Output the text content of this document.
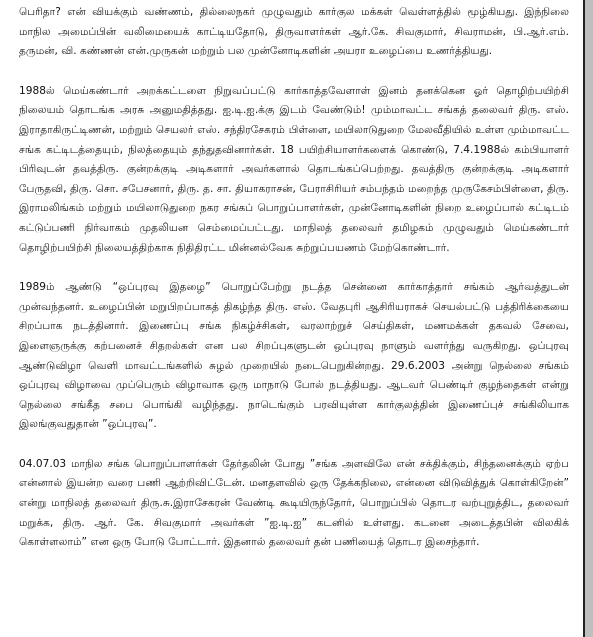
பெரிதா? என் வியக்கும் வண்ணம், தில்லைநகர் முழுவதும் கார்குல மக்கள் வெள்ளத்தில் மூழ்கியது. இந்நிலை மாநில அமைப்பின் வலிமையைக் காட்டியதோடு, திருவாளர்கள் ஆர்.கே. சிவகுமார், சிவராமன், பி.ஆர்.எம். தருமன், வி. கண்ணன் என்.முருகன் மற்றும் பல முன்னோடிகளின் அயரா உழைப்பை உணர்த்தியது.

1988ல் மெய்கண்டார் அறக்கட்டளை நிறுவப்பட்டு கார்காத்தவேளாள் இனம் தனக்கென ஓர் தொழிற்பயிற்சி நிலையம் தொடங்க அரசு அனுமதித்தது. ஐ.டி.ஐ.க்கு இடம் வேண்டும்! மும்மாவட்ட சங்கத் தலைவர் திரு. எஸ். இராதாகிருட்டிணன், மற்றும் செயலர் எஸ். சந்திரசேகரம் பிள்ளை, மயிலாடுதுறை மேலவீதியில் உள்ள மும்மாவட்ட சங்க கட்டிடத்தையும், நிலத்தையும் தந்துதவினார்கள். 18 பயிற்சியாளர்களைக் கொண்டு, 7.4.1988ல் கம்பியாளர் பிரிவுடன் தவத்திரு. குன்றக்குடி அடிகளார் அவர்களால் தொடங்கப்பெற்றது. தவத்திரு குன்றக்குடி அடிகளார் பேருதவி, திரு. சொ. சபேசனார், திரு. த. சா. தியாகராசன், பேராசிரியர் சம்பந்தம் மறைந்த முருகேசம்பிள்ளை, திரு. இராமலிங்கம் மற்றும் மயிலாடுதுறை நகர சங்கப் பொறுப்பாளர்கள், முன்னோடிகளின் நிறை உழைப்பால் கட்டிடம் கட்டுப்பணி நிர்வாகம் முதலியன செம்மைப்பட்டது. மாநிலத் தலைவர் தமிழகம் முழுவதும் மெய்கண்டார் தொழிற்பயிற்சி நிலையத்திற்காக நிதிதிரட்ட மின்னல்வேக சுற்றுப்பயணம் மேற்கொண்டார்.

1989ம் ஆண்டு “ஒப்புரவு இதழை” பொறுப்பேற்று நடத்த சென்னை கார்காத்தார் சங்கம் ஆர்வத்துடன் முன்வந்தனர். உழைப்பின் மறுபிறப்பாகத் திகழ்ந்த திரு. எஸ். வேதபுரி ஆசிரியராகச் செயல்பட்டு பத்திரிக்கையை சிறப்பாக நடத்தினார். இணைப்பு சங்க நிகழ்ச்சிகள், வரலாற்றுச் செய்திகள், மணமக்கள் தகவல் சேவை, இளைஞருக்கு கற்பனைச் சிதறல்கள் என பல சிறப்புகளுடன் ஒப்புரவு நாளும் வளர்ந்து வருகிறது. ஒப்புரவு ஆண்டுவிழா வெளி மாவட்டங்களில் சுழல் முறையில் நடைபெறுகின்றது. 29.6.2003 அன்று நெல்லை சங்கம் ஒப்புரவு விழாவை முப்பெரும் விழாவாக ஒரு மாநாடு போல் நடத்தியது. ஆடவர் பெண்டிர் குழந்தைகள் என்று நெல்லை சங்கீத சபை பொங்கி வழிந்தது. நாடெங்கும் பரவியுள்ள கார்குலத்தின் இணைப்புச் சங்கிலியாக இலங்குவதுதான் ”ஒப்புரவு”.

04.07.03 மாநில சங்க பொறுப்பாளர்கள் தேர்தலின் போது ”சங்க அளவிலே என் சக்திக்கும், சிந்தனைக்கும் ஏற்ப என்னால் இயன்ற வரை பணி ஆற்றிவிட்டேன். மனதளவில் ஒரு தேக்கநிலை, என்னை விடுவித்துக் கொள்கிறேன்” என்று மாநிலத் தலைவர் திரு.சு.இராசேகரன் வேண்டி கூடியிருந்தோர், பொறுப்பில் தொடர வற்புறுத்திட, தலைவர் மறுக்க, திரு. ஆர். கே. சிவகுமார் அவர்கள் ”ஐ.டி.ஐ” கடனில் உள்ளது. கடனை அடைத்தபின் விலகிக் கொள்ளலாம்” என ஒரு போடு போட்டார். இதனால் தலைவர் தன் பணியைத் தொடர இசைந்தார்.
